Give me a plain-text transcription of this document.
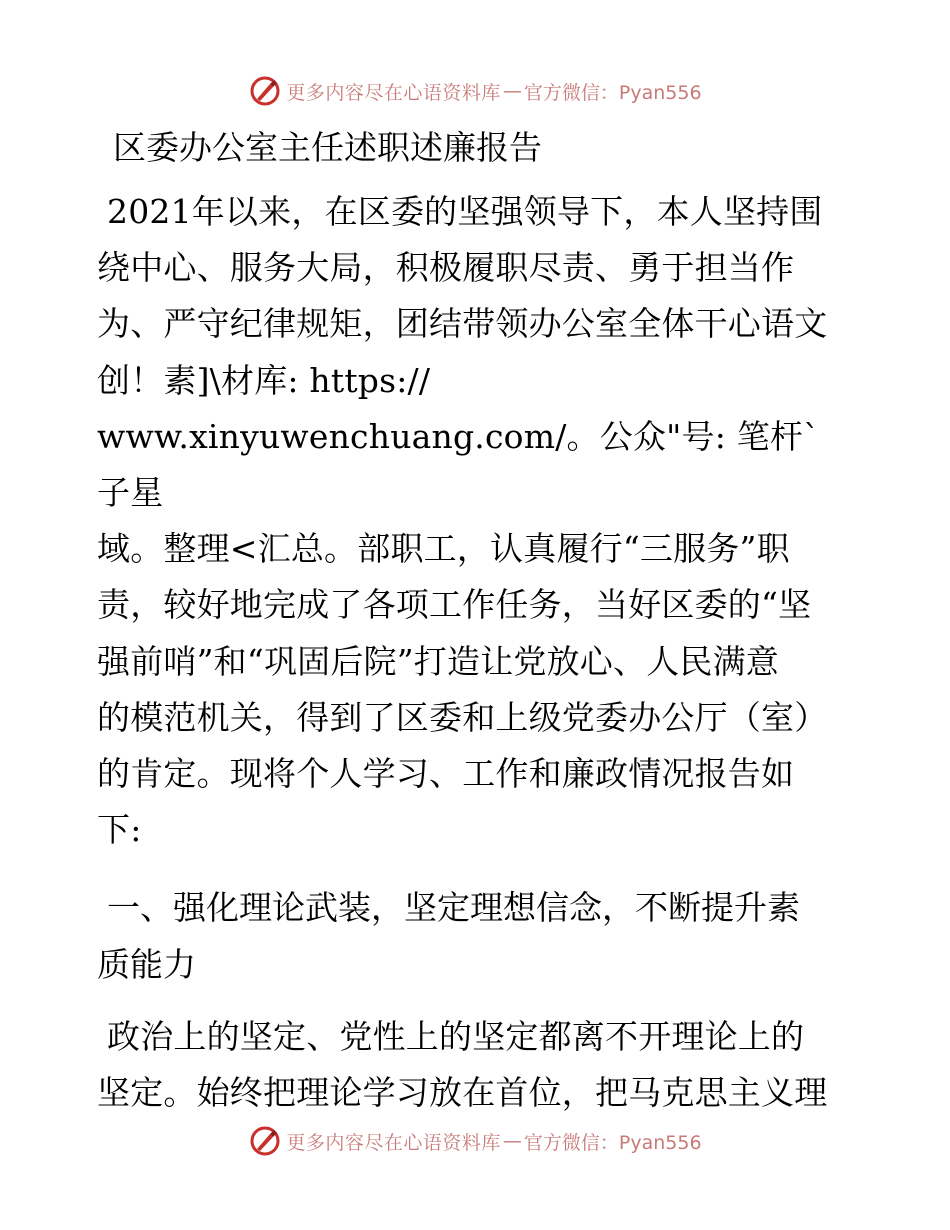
更多内容尽在心语资料库 — 官方微信：Pyan556
区委办公室主任述职述廉报告
2021年以来，在区委的坚强领导下，本人坚持围
绕中心、服务大局，积极履职尽责、勇于担当作
为、严守纪律规矩，团结带领办公室全体干心语文
创！素]\材库: https://
www.xinyuwenchuang.com/。公众"号: 笔杆`子星
域。整理<汇总。部职工，认真履行“三服务”职
责，较好地完成了各项工作任务，当好区委的“坚
强前哨”和“巩固后院”打造让党放心、人民满意
的模范机关，得到了区委和上级党委办公厅（室）
的肯定。现将个人学习、工作和廉政情况报告如
下:
一、强化理论武装，坚定理想信念，不断提升素
质能力
政治上的坚定、党性上的坚定都离不开理论上的
坚定。始终把理论学习放在首位，把马克思主义理
更多内容尽在心语资料库 — 官方微信：Pyan556
